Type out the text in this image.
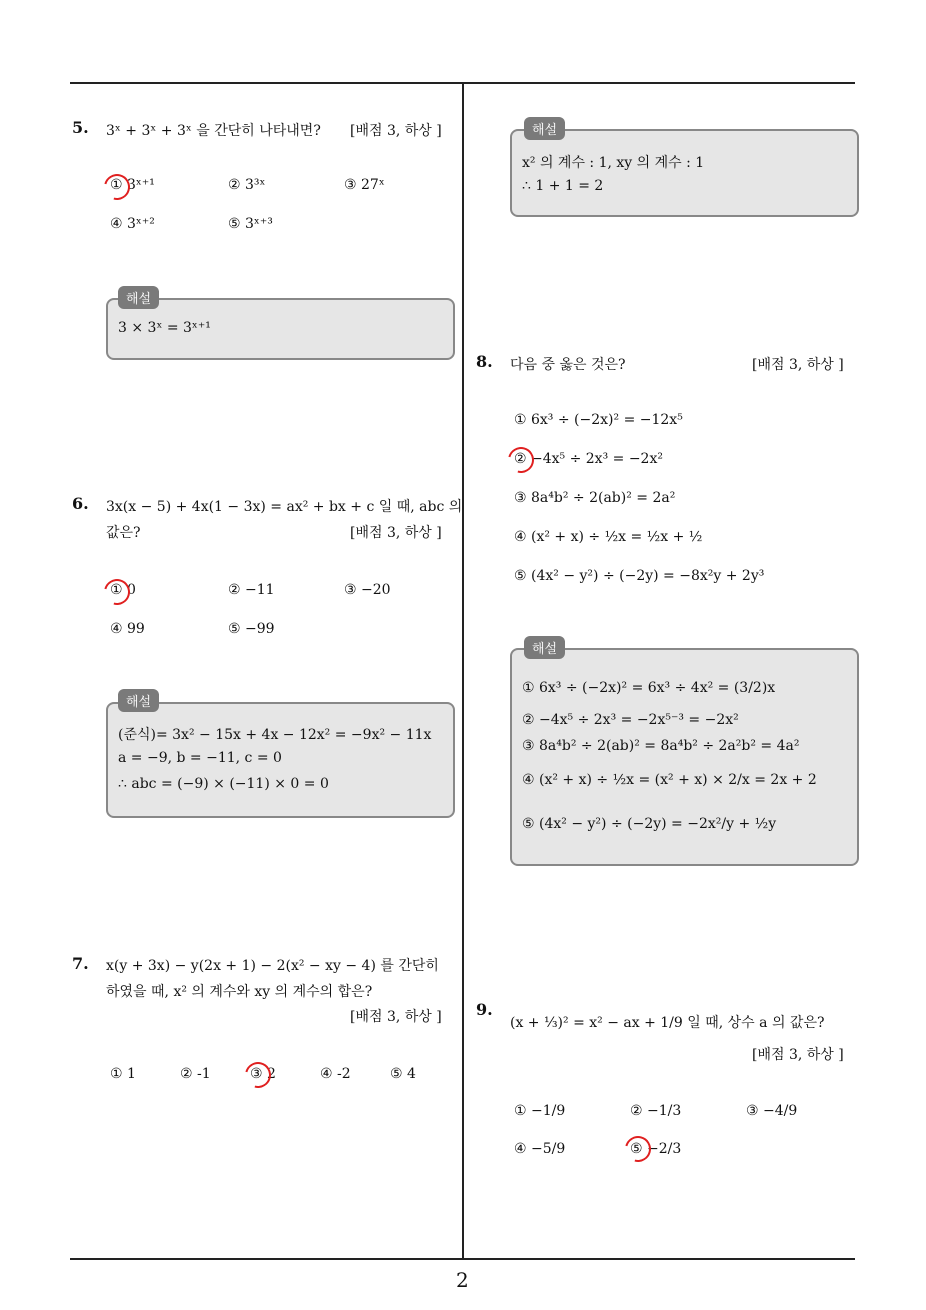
2
5. 3ˣ + 3ˣ + 3ˣ 을 간단히 나타내면? [배점 3, 하상 ]
① 3ˣ⁺¹	② 3³ˣ	③ 27ˣ
④ 3ˣ⁺²	⑤ 3ˣ⁺³
해설
3 × 3ˣ = 3ˣ⁺¹
6. 3x(x − 5) + 4x(1 − 3x) = ax² + bx + c 일 때, abc 의
값은?	[배점 3, 하상 ]
① 0	② −11	③ −20
④ 99	⑤ −99
해설
(준식)= 3x² − 15x + 4x − 12x² = −9x² − 11x
a = −9, b = −11, c = 0
∴ abc = (−9) × (−11) × 0 = 0
7. x(y + 3x) − y(2x + 1) − 2(x² − xy − 4) 를 간단히
하였을 때, x² 의 계수와 xy 의 계수의 합은?
[배점 3, 하상 ]
① 1	② -1	③ 2	④ -2	⑤ 4
해설
x² 의 계수 : 1, xy 의 계수 : 1
∴ 1 + 1 = 2
8. 다음 중 옳은 것은?	[배점 3, 하상 ]
① 6x³ ÷ (−2x)² = −12x⁵
② −4x⁵ ÷ 2x³ = −2x²
③ 8a⁴b² ÷ 2(ab)² = 2a²
④ (x² + x) ÷ ½x = ½x + ½
⑤ (4x² − y²) ÷ (−2y) = −8x²y + 2y³
해설
① 6x³ ÷ (−2x)² = 6x³ ÷ 4x² = (3/2)x
② −4x⁵ ÷ 2x³ = −2x⁵⁻³ = −2x²
③ 8a⁴b² ÷ 2(ab)² = 8a⁴b² ÷ 2a²b² = 4a²
④ (x² + x) ÷ ½x = (x² + x) × 2/x = 2x + 2
⑤ (4x² − y²) ÷ (−2y) = −2x²/y + ½y
9.
(x + ⅓)² = x² − ax + 1/9 일 때, 상수 a 의 값은?
[배점 3, 하상 ]
① −1/9	② −1/3	③ −4/9
④ −5/9	⑤ −2/3
